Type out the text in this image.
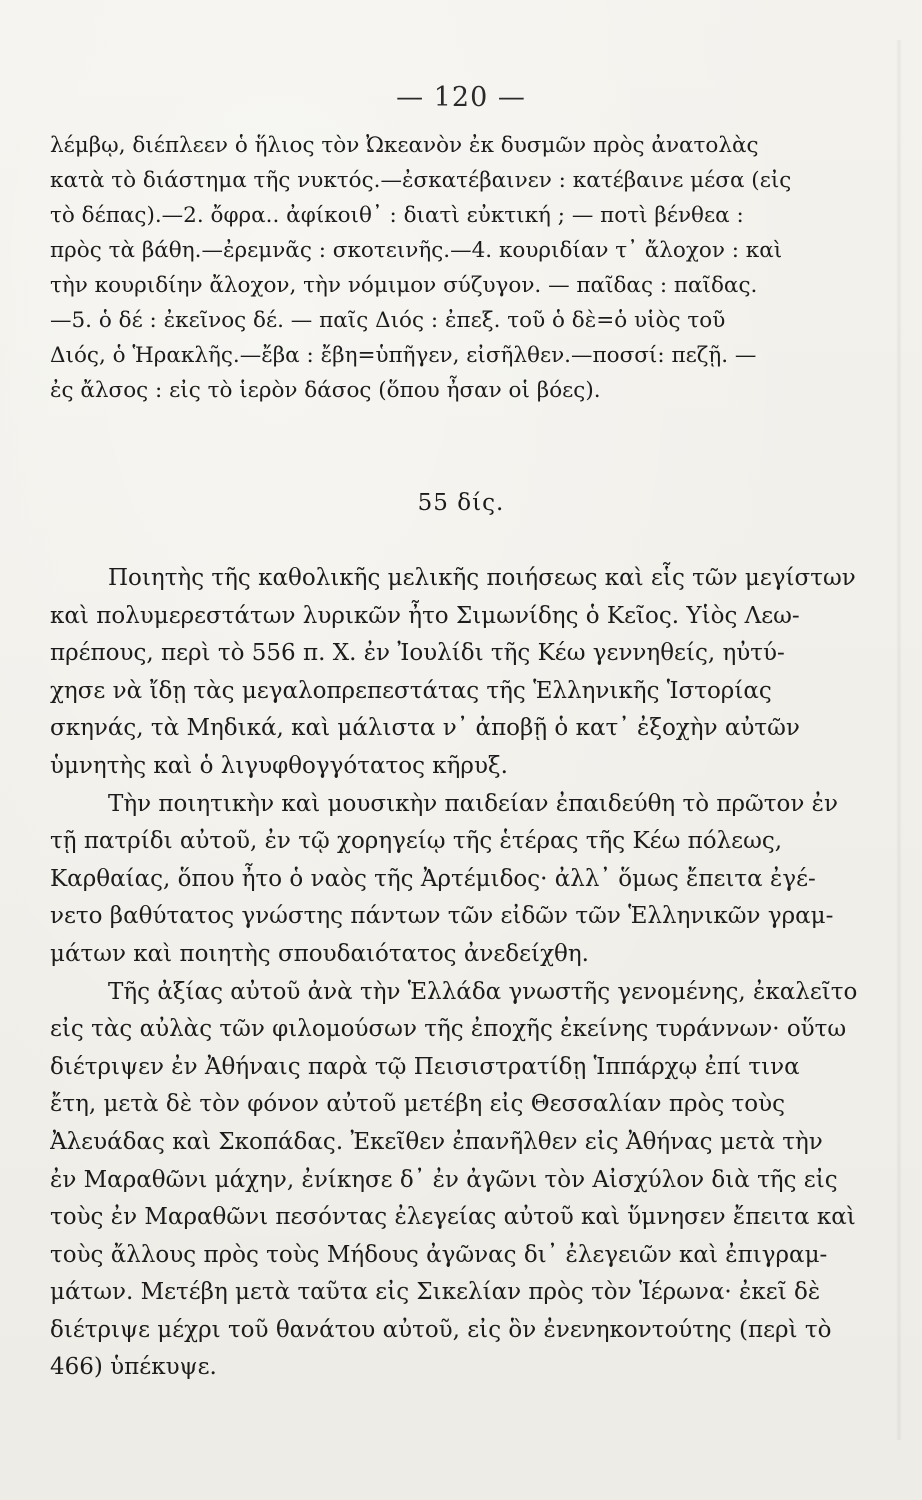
— 120 —
λέμβῳ, διέπλεεν ὁ ἥλιος τὸν Ὠκεανὸν ἐκ δυσμῶν πρὸς ἀνατολὰς
κατὰ τὸ διάστημα τῆς νυκτός.—ἐσκατέβαινεν : κατέβαινε μέσα (εἰς
τὸ δέπας).—2. ὄφρα.. ἀφίκοιθ᾽ : διατὶ εὐκτική ; — ποτὶ βένθεα :
πρὸς τὰ βάθη.—ἐρεμνᾶς : σκοτεινῆς.—4. κουριδίαν τ᾽ ἄλοχον : καὶ
τὴν κουριδίην ἄλοχον, τὴν νόμιμον σύζυγον. — παῖδας : παῖδας.
—5. ὁ δέ : ἐκεῖνος δέ. — παῖς Διός : ἐπεξ. τοῦ ὁ δὲ=ὁ υἱὸς τοῦ
Διός, ὁ Ἡρακλῆς.—ἔβα : ἔβη=ὑπῆγεν, εἰσῆλθεν.—ποσσί: πεζῇ. —
ἐς ἄλσος : εἰς τὸ ἱερὸν δάσος (ὅπου ἦσαν οἱ βόες).
55 δίς.
Ποιητὴς τῆς καθολικῆς μελικῆς ποιήσεως καὶ εἷς τῶν μεγίστων
καὶ πολυμερεστάτων λυρικῶν ἦτο Σιμωνίδης ὁ Κεῖος. Υἱὸς Λεω-
πρέπους, περὶ τὸ 556 π. Χ. ἐν Ἰουλίδι τῆς Κέω γεννηθείς, ηὐτύ-
χησε νὰ ἴδῃ τὰς μεγαλοπρεπεστάτας τῆς Ἑλληνικῆς Ἱστορίας
σκηνάς, τὰ Μηδικά, καὶ μάλιστα ν᾽ ἀποβῇ ὁ κατ᾽ ἐξοχὴν αὐτῶν
ὑμνητὴς καὶ ὁ λιγυφθογγότατος κῆρυξ.
Τὴν ποιητικὴν καὶ μουσικὴν παιδείαν ἐπαιδεύθη τὸ πρῶτον ἐν
τῇ πατρίδι αὐτοῦ, ἐν τῷ χορηγείῳ τῆς ἑτέρας τῆς Κέω πόλεως,
Καρθαίας, ὅπου ἦτο ὁ ναὸς τῆς Ἀρτέμιδος· ἀλλ᾽ ὅμως ἔπειτα ἐγέ-
νετο βαθύτατος γνώστης πάντων τῶν εἰδῶν τῶν Ἑλληνικῶν γραμ-
μάτων καὶ ποιητὴς σπουδαιότατος ἀνεδείχθη.
Τῆς ἀξίας αὐτοῦ ἀνὰ τὴν Ἑλλάδα γνωστῆς γενομένης, ἐκαλεῖτο
εἰς τὰς αὐλὰς τῶν φιλομούσων τῆς ἐποχῆς ἐκείνης τυράννων· οὕτω
διέτριψεν ἐν Ἀθήναις παρὰ τῷ Πεισιστρατίδῃ Ἱππάρχῳ ἐπί τινα
ἔτη, μετὰ δὲ τὸν φόνον αὐτοῦ μετέβη εἰς Θεσσαλίαν πρὸς τοὺς
Ἀλευάδας καὶ Σκοπάδας. Ἐκεῖθεν ἐπανῆλθεν εἰς Ἀθήνας μετὰ τὴν
ἐν Μαραθῶνι μάχην, ἐνίκησε δ᾽ ἐν ἀγῶνι τὸν Αἰσχύλον διὰ τῆς εἰς
τοὺς ἐν Μαραθῶνι πεσόντας ἐλεγείας αὐτοῦ καὶ ὕμνησεν ἔπειτα καὶ
τοὺς ἄλλους πρὸς τοὺς Μήδους ἀγῶνας δι᾽ ἐλεγειῶν καὶ ἐπιγραμ-
μάτων. Μετέβη μετὰ ταῦτα εἰς Σικελίαν πρὸς τὸν Ἱέρωνα· ἐκεῖ δὲ
διέτριψε μέχρι τοῦ θανάτου αὐτοῦ, εἰς ὃν ἐνενηκοντούτης (περὶ τὸ
466) ὑπέκυψε.
